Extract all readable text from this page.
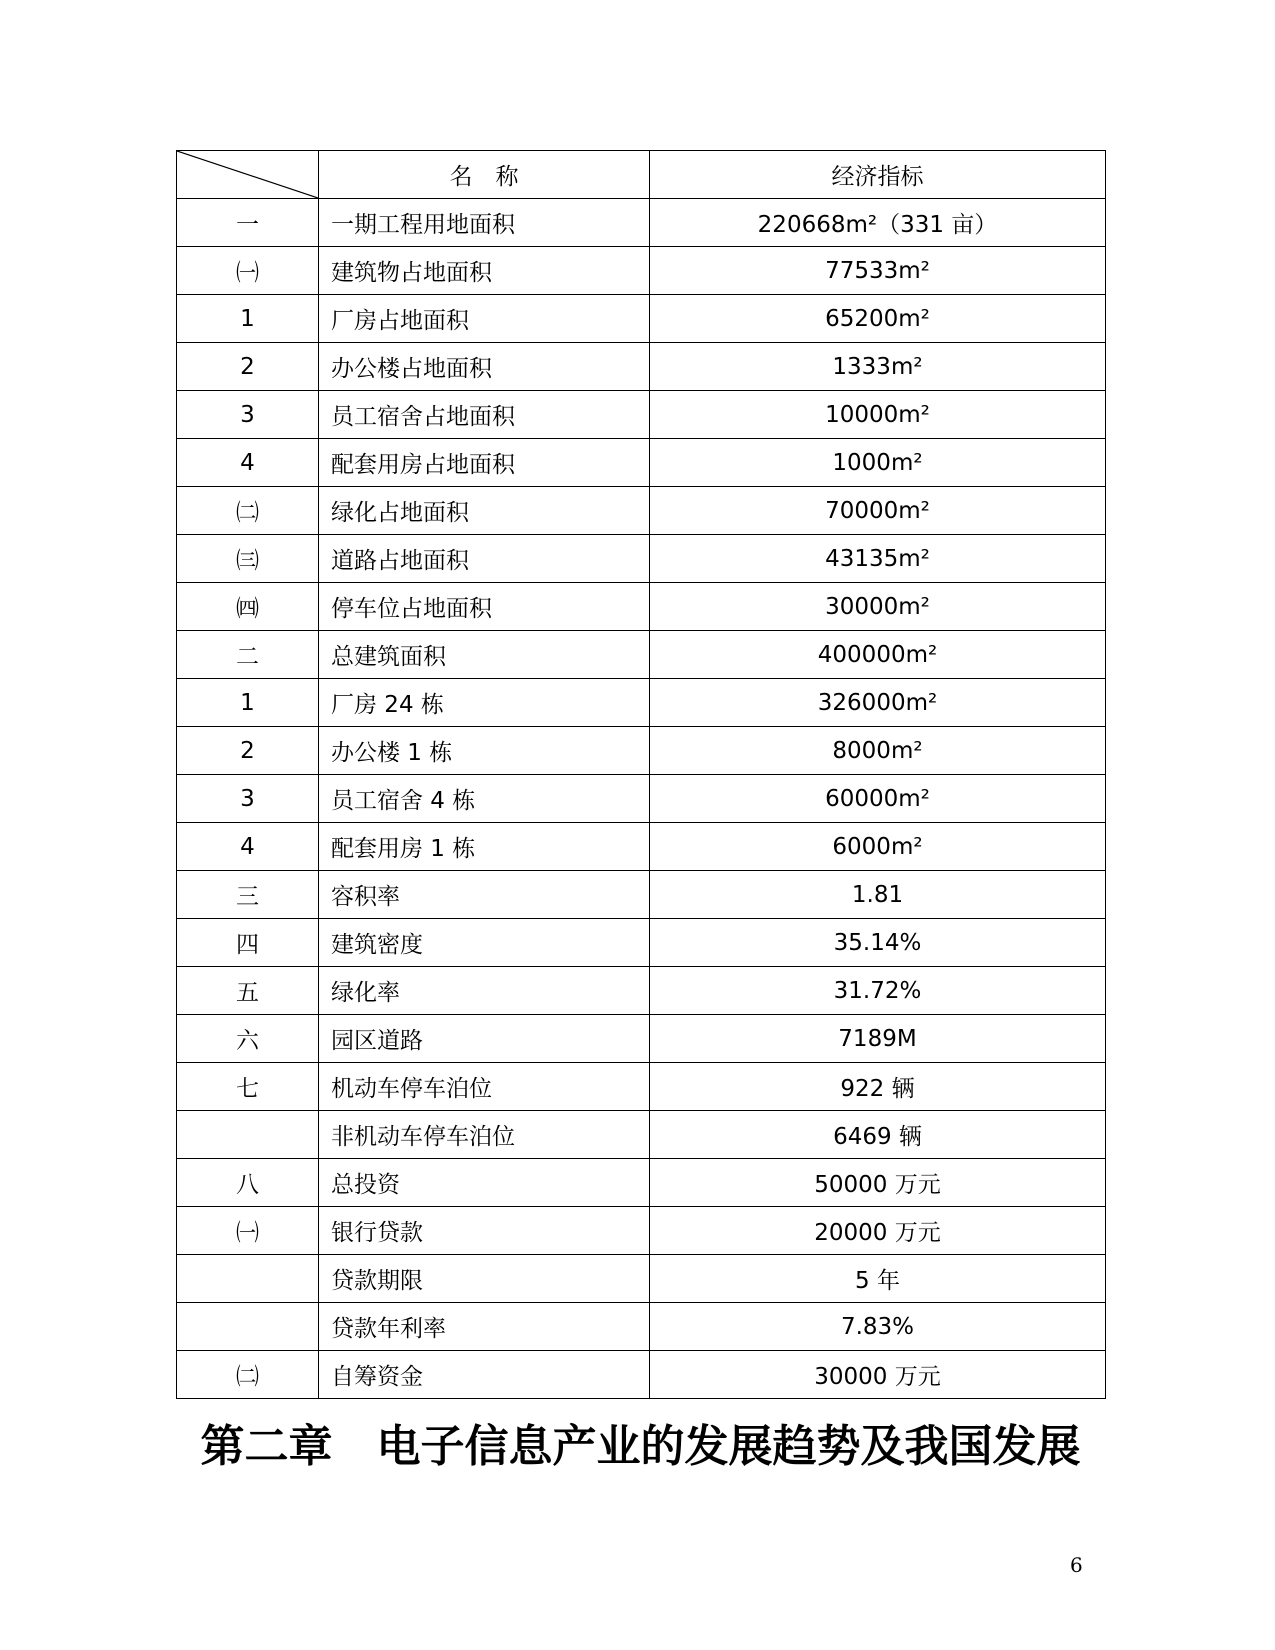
	名　称	经济指标
一	一期工程用地面积	220668m²（331 亩）
㈠	建筑物占地面积	77533m²
1	厂房占地面积	65200m²
2	办公楼占地面积	1333m²
3	员工宿舍占地面积	10000m²
4	配套用房占地面积	1000m²
㈡	绿化占地面积	70000m²
㈢	道路占地面积	43135m²
㈣	停车位占地面积	30000m²
二	总建筑面积	400000m²
1	厂房 24 栋	326000m²
2	办公楼 1 栋	8000m²
3	员工宿舍 4 栋	60000m²
4	配套用房 1 栋	6000m²
三	容积率	1.81
四	建筑密度	35.14%
五	绿化率	31.72%
六	园区道路	7189M
七	机动车停车泊位	922 辆
	非机动车停车泊位	6469 辆
八	总投资	50000 万元
㈠	银行贷款	20000 万元
	贷款期限	5 年
	贷款年利率	7.83%
㈡	自筹资金	30000 万元
第二章　电子信息产业的发展趋势及我国发展
6
